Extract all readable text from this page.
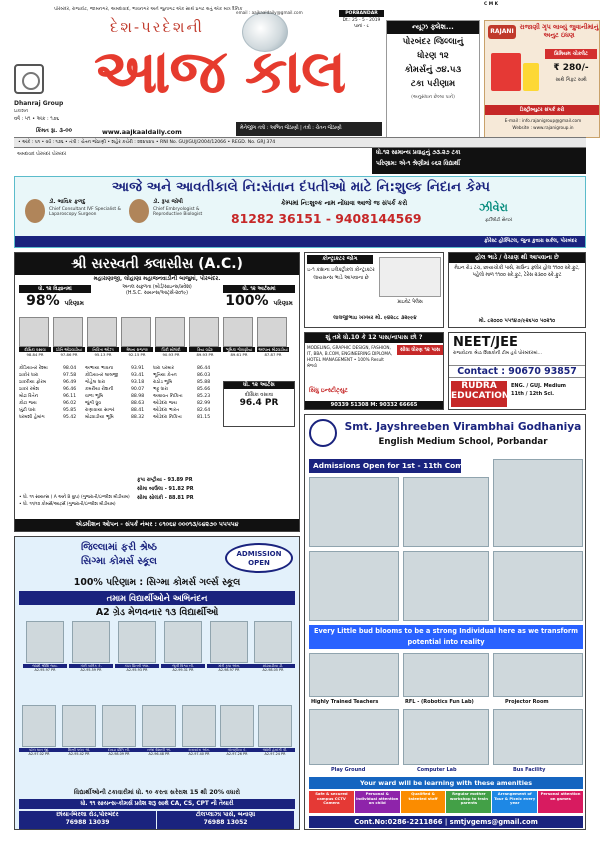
પોરબંદર, રાજકોટ, જામનગર, અમદાવાદ, ભાવનગર અને જુનાગઢ એક સાથે પ્રગટ થતું એક માત્ર દૈનિક
દેશ-પરદેશની
આજ કાલ
Dhanraj Group
પ્રકાશન
વર્ષ : ૫૧ • અંક : ૧૭૬
કિંમત રૂા. ૩-૦૦	www.aajkaaldaily.com	મેનેજીંગ તંત્રી : અભિત જેઠાણી | તંત્રી : ચેતન જેઠાણી
email : aajkaaldaily@gmail.com	PORBANDAR
Dt.: 25 - 5 - 2019
પાનાં - ૮
C M K
ન્યૂઝ ફ્લેશ...
પોરબંદર જિલ્લાનું
ધોરણ ૧૨
કોમર્સનું ૭૪.૫૩
ટકા પરીણામ
(અનુસંધાન છેલ્લા પાને)
RAJANI
રાજાણી ગૃપ લાવ્યું જુવાનીમાંનું અનુટ ઇંધણ
પ્રિમિયમ ચોકલેટ
₹ 280/-
સાથે ગિફ્ટ સાથે
ડિસ્ટ્રીબ્યુટર સંપર્ક કરો
E-mail : info.rajanigroup@gmail.com
Website : www.rajanigroup.in
• અંકે : ૫૧ • વર્ષ : ૧૭૬ • તંત્રી : ચેતન જેઠાણી • શહેર કચેરી : ૨૨૪૫૪૫ • RNI No. GUJ/GUJ/2004/12066 • REGD. No. GRJ 374
અમદાવાદ પોરબંદર પોરબંદર	ધો.૧૨ સામાન્ય પ્રવાહનું ૭૩.૨૭ ટકા
પરિણામ: એ-૧ શ્રેણીમાં ૯૬૨ વિદ્યાર્થી
આજે અને આવતીકાલે નિ:સંતાન દંપતીઓ માટે નિ:શુલ્ક નિદાન કેમ્પ
ડૉ. ભાવિક ફળદુ
Chief Consultant IVF Specialist & Laparoscopy Surgeon
ડૉ. રૂપા જોષી
Chief Embryologist & Reproductive Biologist
કેમ્પમાં નિ:શુલ્ક નામ નોંધાવા આજે જ સંપર્ક કરો
81282 36151 - 9408144569
ઝીવેરા
ફર્ટીલીટી સેન્ટર
ફોરેસ્ટ હોસ્પિટલ, જુના કુવારા સર્કલ, પોરબંદર
શ્રી સરસ્વતી ક્લાસીસ (A.C.)
મહારાણાજી, લોહાણા મહાજનવાડીની બાજુમાં, પોરબંદર.
ધો. ૧૨ વિજ્ઞાનમાં
98% પરિણામ
અનલ સફળતા (બોર્ડ/સાઇન્સ/પ્રવેશ)
(H.S.C. સાયન્સ/આર્ટ્સ-૨૦૧૯)
ધો. ૧૨ આર્ટસમાં
100% પરિણામ
દીક્ષિકા વસાવા
98.84 PR
પ્રીતિ ઓઠવાડીયા
97.86 PR
નિકિતા ઓઝા
95.13 PR
મેઘના રાજગર
92.15 PR
પિંકી સોલંકી
90.93 PR
રિયા વાઢેર
89.93 PR
ભૂમિકા ગોરાણીયા
89.61 PR
અલ્પના મોઢવાડીયા
87.87 PR
કોડિયાતર રેશ્મા	98.04	અભાયા ભાવના	93.91	ધારા પરમાર	86.44
ઠાકોર ધારા	97.58	કોડિયાતર લાલજી	93.41	ભૂતિયા કેતન	86.03
ઠાકરીયા ફોરમ	96.49	ગોહેલ ધારા	93.18	રાઠોડ ભૂમિ	85.88
ઠાકર રમેશ	96.46	કમરીયા રોશની	90.07	ભટ્ટ ધારા	85.66
મોઢા રિતેન	96.11	વાળા ભૂમિ	88.98	અગ્રાવત નિકિતા	85.23
કોટા જય	96.02	જુંગી ધ્રુવ	88.63	ઓડેદરા જય	82.99
ખુંટી ધારા	95.85	રાણાવાયા સાગર	88.41	ઓડેદરા ભારત	82.64
ધરમશી હેમાંગ	95.42	મોઢવાડીયા ભૂમિ	88.32	ઓડેદરા નિકિતા	81.15
ધો. ૧૨ આર્ટસ
દીક્ષિકા વસાવા
96.4 PR
કૃપા રાષ્ટ્રીયા - 93.89 PR
સીમા બાઉલા - 91.82 PR
સીમા સોલંકી - 88.81 PR
• ધો. ૧૧ સાયન્સ ( A અને B ગ્રુપ) (ગુજરાતી/ઇંગ્લીશ મીડીયમ)
• ધો. ૧૧/૧૨ કોમર્સ/આર્ટ્સ (ગુજરાતી/ઇંગ્લીશ મીડીયમ)
એડમીશન ઓપન - સંપર્ક નંબર : ૯૧૦૬૪ ૦૦૦૧૩/૯૪૨૭૦ ૫૫૫૫૪
કોન્ટ્રાક્ટર જોગ
ઇ-૧ કક્ષાના ઇલેક્ટ્રીકલ કોન્ટ્રાક્ટર લાયસન્સ ભાડે આપવાના છે
પ્રાઇવેટ પેલેસ
લાલજીભાઇ ખખ્ખર મો. ૯૪૨૮૮ ૩૨૯૯૪
હોલ ભાડે / વેચાણ થી આપવાના છે
મેઇન રોડ ટચ, છાયાચોકી પાસે, ગ્રાઉન્ડ ફ્લોર હોલ ૧૧૦૦ સ્કે.ફુટ, પહેલો માળ ૧૧૦૦ સ્કે.ફુટ, ટેરેસ ૨૩૦૦ સ્કે.ફુટ
મો. ૮૨૦૦૦ ૫૫૧૪૭/૯૨૬૫૦ ૫૦૨૧૦
શું તમે ધો.10 કે 12 પાસ/નાપાસ છો ?
MODELING, GRAPHIC DESIGN, FASHION, IT, BBA, B.COM, ENGINEERING DIPLOMA, HOTEL MANAGEMENT • 100% Result મેળવો
સીધા ધોરણ ૧૨ પાસ
સિંધુ ઇન્સ્ટીટ્યુટ
90339 51308 M: 90332 66665
NEET/JEE
રાજકોટના શ્રેષ્ઠ શિક્ષકોની ટીમ હવે પોરબંદરમાં...
Contact : 90670 93857
RUDRA EDUCATION
ENG. / GUJ. Medium
11th / 12th Sci.
Smt. Jayshreeben Virambhai Godhaniya
English Medium School, Porbandar
Admissions Open for 1st - 11th Commerce
Every Little bud blooms to be a strong Individual here as we transform potential into reality
Highly Trained Teachers	RFL - (Robotics Fun Lab)	Projector Room
Play Ground	Computer Lab	Bus Facility
Your ward will be learning with these amenities
Safe & secured campus CCTV Camera
Personal & individual attention on child
Qualified & talented staff
Regular mother workshop to train parents
Arrangement of Tour & Picnic every year
Personal attention on games
Cont.No:0286-2211866 | smtjvgems@gmail.com
જિલ્લામાં ફરી શ્રેષ્ઠ
સિગ્મા કોમર્સ સ્કૂલ
ADMISSION OPEN
100% પરિણામ : સિગ્મા કોમર્સ ગર્લ્સ સ્કૂલ
તમામ વિદ્યાર્થીઓને અભિનંદન
A2 ગ્રેડ મેળવનાર ૧૩ વિદ્યાર્થીઓ
જોશી શ્રીશિ જય.
A2-95.97 PR
ગોરી કાર્તિક કે.
A2-95.59 PR
કોટા પ્રિન્સી એમ.
A2-95.93 PR
જુંગી વિશ્વા બી.
A2-99.31 PR
ગોરી કૃપા એસ.
A2-98.97 PR
મોઢવાડીયા ડી.
A2-98.05 PR
પટેલ ધારા જી.
A2-97.02 PR
મિસ્ત્રી પલક જે.
A2-95.42 PR
દાવડા પ્રીતિ બી.
A2-98.09 PR
રાજા વૈશાલી એ.
A2-96.48 PR
કારાવદરા એમ.
A2-97.40 PR
ગોરાણીયા કે.
A2-97.26 PR
જોશી હેમાંગી પી.
A2-97.24 PR
વિદ્યાર્થીઓની ટકાવારીમાં ધો. ૧૦ કરતા સરેરાશ 15 થી 20% વધારો
ધો. ૧૧ સાયન્સ-કોમર્સ પ્રવેશ શરૂ સાથે CA, CS, CPT ની તૈયારી
છાંયા-બિરલા રોડ,પોરબંદર
76988 13039
ટોલપ્લાઝા પાસે, બનાણા
76988 13052
